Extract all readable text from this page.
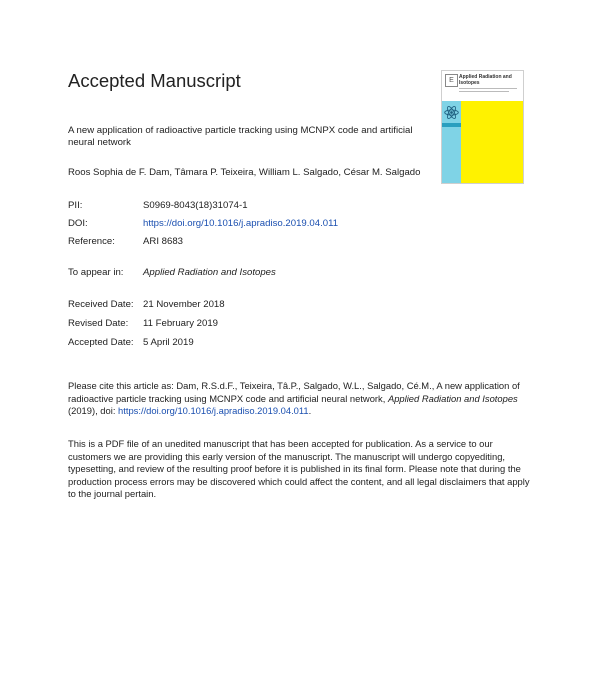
Accepted Manuscript	E	Applied Radiation and Isotopes
A new application of radioactive particle tracking using MCNPX code and artificial neural network
Roos Sophia de F. Dam, Tâmara P. Teixeira, William L. Salgado, César M. Salgado
PII:	S0969-8043(18)31074-1
DOI:	https://doi.org/10.1016/j.apradiso.2019.04.011
Reference:	ARI 8683
To appear in: Applied Radiation and Isotopes
Received Date: 21 November 2018
Revised Date: 11 February 2019
Accepted Date: 5 April 2019
Please cite this article as: Dam, R.S.d.F., Teixeira, Tâ.P., Salgado, W.L., Salgado, Cé.M., A new application of radioactive particle tracking using MCNPX code and artificial neural network, Applied Radiation and Isotopes (2019), doi: https://doi.org/10.1016/j.apradiso.2019.04.011.
This is a PDF file of an unedited manuscript that has been accepted for publication. As a service to our customers we are providing this early version of the manuscript. The manuscript will undergo copyediting, typesetting, and review of the resulting proof before it is published in its final form. Please note that during the production process errors may be discovered which could affect the content, and all legal disclaimers that apply to the journal pertain.
